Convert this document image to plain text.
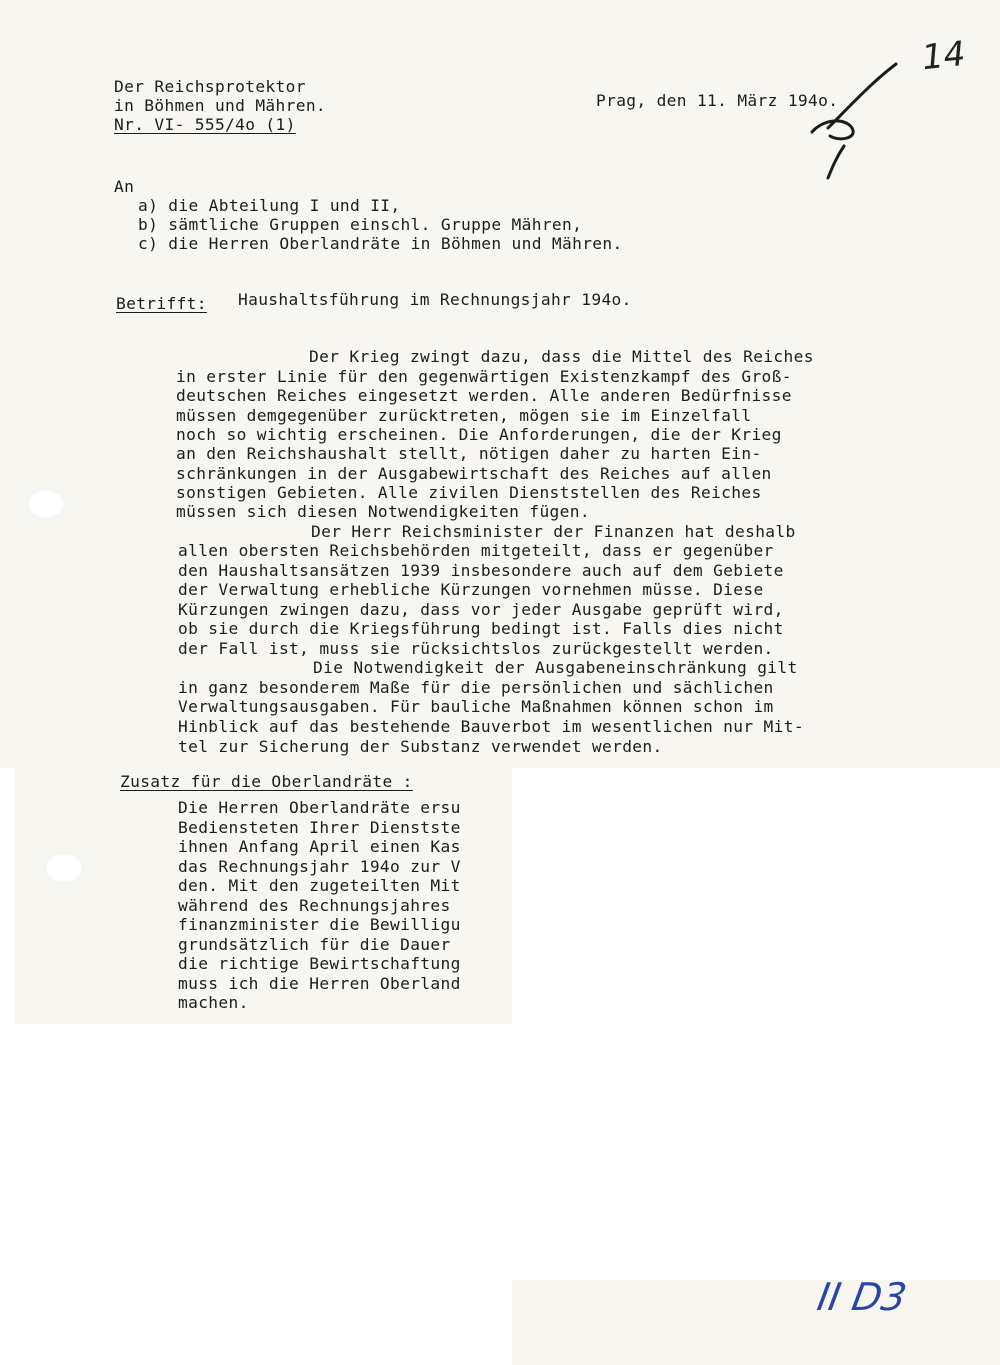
Der Reichsprotektor
in Böhmen und Mähren.
Nr. VI- 555/4o (1)
Prag, den 11. März 194o.
14
An
a) die Abteilung I und II,
b) sämtliche Gruppen einschl. Gruppe Mähren,
c) die Herren Oberlandräte in Böhmen und Mähren.
Betrifft: Haushaltsführung im Rechnungsjahr 194o.
Der Krieg zwingt dazu, dass die Mittel des Reiches
in erster Linie für den gegenwärtigen Existenzkampf des Groß-
deutschen Reiches eingesetzt werden. Alle anderen Bedürfnisse
müssen demgegenüber zurücktreten, mögen sie im Einzelfall
noch so wichtig erscheinen. Die Anforderungen, die der Krieg
an den Reichshaushalt stellt, nötigen daher zu harten Ein-
schränkungen in der Ausgabewirtschaft des Reiches auf allen
sonstigen Gebieten. Alle zivilen Dienststellen des Reiches
müssen sich diesen Notwendigkeiten fügen.
Der Herr Reichsminister der Finanzen hat deshalb
allen obersten Reichsbehörden mitgeteilt, dass er gegenüber
den Haushaltsansätzen 1939 insbesondere auch auf dem Gebiete
der Verwaltung erhebliche Kürzungen vornehmen müsse. Diese
Kürzungen zwingen dazu, dass vor jeder Ausgabe geprüft wird,
ob sie durch die Kriegsführung bedingt ist. Falls dies nicht
der Fall ist, muss sie rücksichtslos zurückgestellt werden.
Die Notwendigkeit der Ausgabeneinschränkung gilt
in ganz besonderem Maße für die persönlichen und sächlichen
Verwaltungsausgaben. Für bauliche Maßnahmen können schon im
Hinblick auf das bestehende Bauverbot im wesentlichen nur Mit-
tel zur Sicherung der Substanz verwendet werden.
Zusatz für die Oberlandräte :
Die Herren Oberlandräte ersu
Bediensteten Ihrer Dienstste
ihnen Anfang April einen Kas
das Rechnungsjahr 194o zur V
den. Mit den zugeteilten Mit
während des Rechnungsjahres
finanzminister die Bewilligu
grundsätzlich für die Dauer
die richtige Bewirtschaftung
muss ich die Herren Oberland
machen.
II D3
